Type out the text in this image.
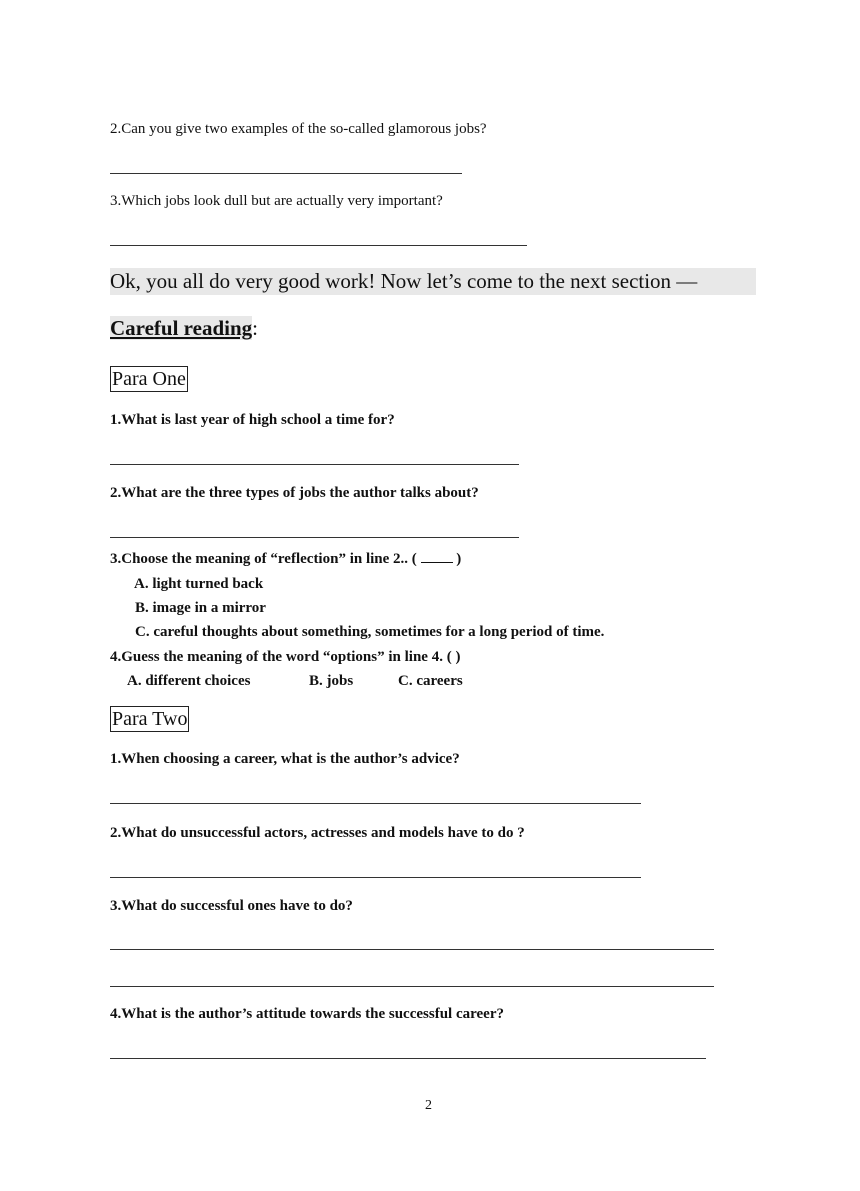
2.Can you give two examples of the so-called glamorous jobs?
3.Which jobs look dull but are actually very important?
Ok, you all do very good work! Now let’s come to the next section —
Careful reading:
Para One
1.What is last year of high school a time for?
2.What are the three types of jobs the author talks about?
3.Choose the meaning of “reflection” in line 2.. (	)
A. light turned back
B. image in a mirror
C. careful thoughts about something, sometimes for a long period of time.
4.Guess the meaning of the word “options” in line 4. ( )
A. different choices	B. jobs	C. careers
Para Two
1.When choosing a career, what is the author’s advice?
2.What do unsuccessful actors, actresses and models have to do ?
3.What do successful ones have to do?
4.What is the author’s attitude towards the successful career?
2
